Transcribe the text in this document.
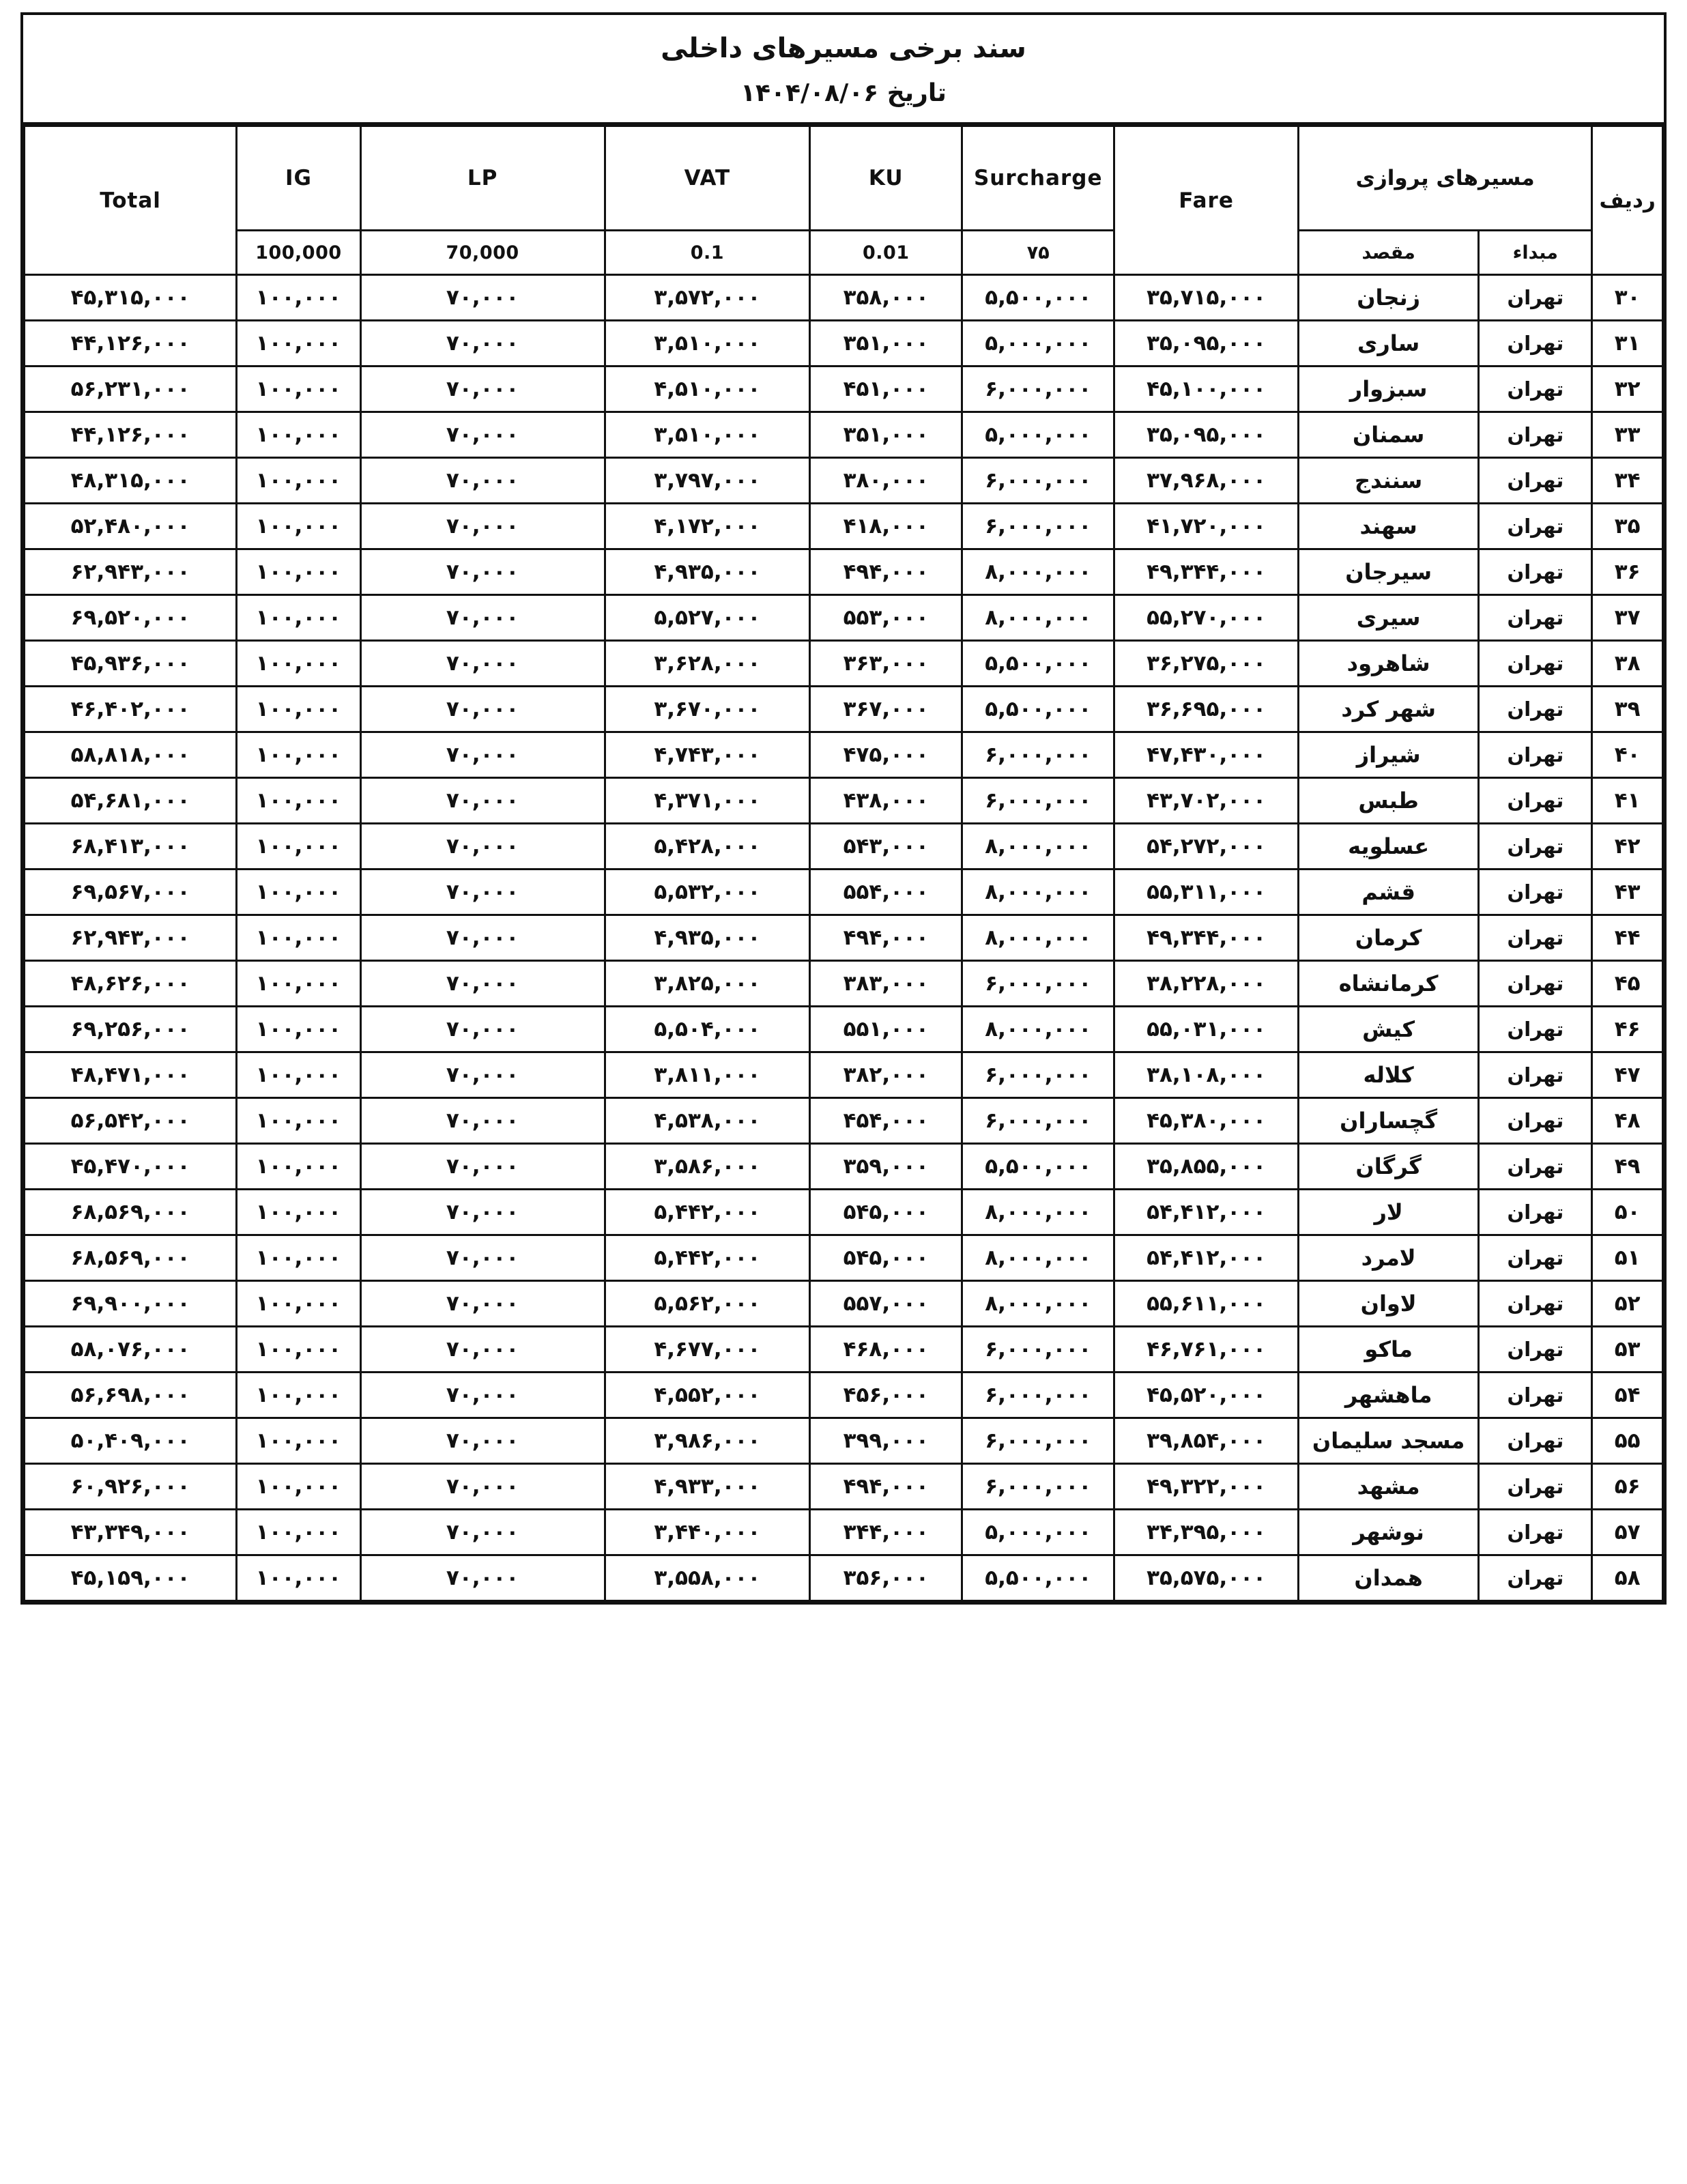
سند برخی مسیرهای داخلی
تاریخ ۱۴۰۴/۰۸/۰۶
ردیف	مسیرهای پروازی		Fare	Surcharge	KU	VAT	LP	IG	Total
	مبداء	مقصد		۷۵	0.01	0.1	70,000	100,000	
۳۰	تهران	زنجان	۳۵,۷۱۵,۰۰۰	۵,۵۰۰,۰۰۰	۳۵۸,۰۰۰	۳,۵۷۲,۰۰۰	۷۰,۰۰۰	۱۰۰,۰۰۰	۴۵,۳۱۵,۰۰۰
۳۱	تهران	ساری	۳۵,۰۹۵,۰۰۰	۵,۰۰۰,۰۰۰	۳۵۱,۰۰۰	۳,۵۱۰,۰۰۰	۷۰,۰۰۰	۱۰۰,۰۰۰	۴۴,۱۲۶,۰۰۰
۳۲	تهران	سبزوار	۴۵,۱۰۰,۰۰۰	۶,۰۰۰,۰۰۰	۴۵۱,۰۰۰	۴,۵۱۰,۰۰۰	۷۰,۰۰۰	۱۰۰,۰۰۰	۵۶,۲۳۱,۰۰۰
۳۳	تهران	سمنان	۳۵,۰۹۵,۰۰۰	۵,۰۰۰,۰۰۰	۳۵۱,۰۰۰	۳,۵۱۰,۰۰۰	۷۰,۰۰۰	۱۰۰,۰۰۰	۴۴,۱۲۶,۰۰۰
۳۴	تهران	سنندج	۳۷,۹۶۸,۰۰۰	۶,۰۰۰,۰۰۰	۳۸۰,۰۰۰	۳,۷۹۷,۰۰۰	۷۰,۰۰۰	۱۰۰,۰۰۰	۴۸,۳۱۵,۰۰۰
۳۵	تهران	سهند	۴۱,۷۲۰,۰۰۰	۶,۰۰۰,۰۰۰	۴۱۸,۰۰۰	۴,۱۷۲,۰۰۰	۷۰,۰۰۰	۱۰۰,۰۰۰	۵۲,۴۸۰,۰۰۰
۳۶	تهران	سیرجان	۴۹,۳۴۴,۰۰۰	۸,۰۰۰,۰۰۰	۴۹۴,۰۰۰	۴,۹۳۵,۰۰۰	۷۰,۰۰۰	۱۰۰,۰۰۰	۶۲,۹۴۳,۰۰۰
۳۷	تهران	سیری	۵۵,۲۷۰,۰۰۰	۸,۰۰۰,۰۰۰	۵۵۳,۰۰۰	۵,۵۲۷,۰۰۰	۷۰,۰۰۰	۱۰۰,۰۰۰	۶۹,۵۲۰,۰۰۰
۳۸	تهران	شاهرود	۳۶,۲۷۵,۰۰۰	۵,۵۰۰,۰۰۰	۳۶۳,۰۰۰	۳,۶۲۸,۰۰۰	۷۰,۰۰۰	۱۰۰,۰۰۰	۴۵,۹۳۶,۰۰۰
۳۹	تهران	شهر کرد	۳۶,۶۹۵,۰۰۰	۵,۵۰۰,۰۰۰	۳۶۷,۰۰۰	۳,۶۷۰,۰۰۰	۷۰,۰۰۰	۱۰۰,۰۰۰	۴۶,۴۰۲,۰۰۰
۴۰	تهران	شیراز	۴۷,۴۳۰,۰۰۰	۶,۰۰۰,۰۰۰	۴۷۵,۰۰۰	۴,۷۴۳,۰۰۰	۷۰,۰۰۰	۱۰۰,۰۰۰	۵۸,۸۱۸,۰۰۰
۴۱	تهران	طبس	۴۳,۷۰۲,۰۰۰	۶,۰۰۰,۰۰۰	۴۳۸,۰۰۰	۴,۳۷۱,۰۰۰	۷۰,۰۰۰	۱۰۰,۰۰۰	۵۴,۶۸۱,۰۰۰
۴۲	تهران	عسلویه	۵۴,۲۷۲,۰۰۰	۸,۰۰۰,۰۰۰	۵۴۳,۰۰۰	۵,۴۲۸,۰۰۰	۷۰,۰۰۰	۱۰۰,۰۰۰	۶۸,۴۱۳,۰۰۰
۴۳	تهران	قشم	۵۵,۳۱۱,۰۰۰	۸,۰۰۰,۰۰۰	۵۵۴,۰۰۰	۵,۵۳۲,۰۰۰	۷۰,۰۰۰	۱۰۰,۰۰۰	۶۹,۵۶۷,۰۰۰
۴۴	تهران	کرمان	۴۹,۳۴۴,۰۰۰	۸,۰۰۰,۰۰۰	۴۹۴,۰۰۰	۴,۹۳۵,۰۰۰	۷۰,۰۰۰	۱۰۰,۰۰۰	۶۲,۹۴۳,۰۰۰
۴۵	تهران	کرمانشاه	۳۸,۲۲۸,۰۰۰	۶,۰۰۰,۰۰۰	۳۸۳,۰۰۰	۳,۸۲۵,۰۰۰	۷۰,۰۰۰	۱۰۰,۰۰۰	۴۸,۶۲۶,۰۰۰
۴۶	تهران	کیش	۵۵,۰۳۱,۰۰۰	۸,۰۰۰,۰۰۰	۵۵۱,۰۰۰	۵,۵۰۴,۰۰۰	۷۰,۰۰۰	۱۰۰,۰۰۰	۶۹,۲۵۶,۰۰۰
۴۷	تهران	کلاله	۳۸,۱۰۸,۰۰۰	۶,۰۰۰,۰۰۰	۳۸۲,۰۰۰	۳,۸۱۱,۰۰۰	۷۰,۰۰۰	۱۰۰,۰۰۰	۴۸,۴۷۱,۰۰۰
۴۸	تهران	گچساران	۴۵,۳۸۰,۰۰۰	۶,۰۰۰,۰۰۰	۴۵۴,۰۰۰	۴,۵۳۸,۰۰۰	۷۰,۰۰۰	۱۰۰,۰۰۰	۵۶,۵۴۲,۰۰۰
۴۹	تهران	گرگان	۳۵,۸۵۵,۰۰۰	۵,۵۰۰,۰۰۰	۳۵۹,۰۰۰	۳,۵۸۶,۰۰۰	۷۰,۰۰۰	۱۰۰,۰۰۰	۴۵,۴۷۰,۰۰۰
۵۰	تهران	لار	۵۴,۴۱۲,۰۰۰	۸,۰۰۰,۰۰۰	۵۴۵,۰۰۰	۵,۴۴۲,۰۰۰	۷۰,۰۰۰	۱۰۰,۰۰۰	۶۸,۵۶۹,۰۰۰
۵۱	تهران	لامرد	۵۴,۴۱۲,۰۰۰	۸,۰۰۰,۰۰۰	۵۴۵,۰۰۰	۵,۴۴۲,۰۰۰	۷۰,۰۰۰	۱۰۰,۰۰۰	۶۸,۵۶۹,۰۰۰
۵۲	تهران	لاوان	۵۵,۶۱۱,۰۰۰	۸,۰۰۰,۰۰۰	۵۵۷,۰۰۰	۵,۵۶۲,۰۰۰	۷۰,۰۰۰	۱۰۰,۰۰۰	۶۹,۹۰۰,۰۰۰
۵۳	تهران	ماکو	۴۶,۷۶۱,۰۰۰	۶,۰۰۰,۰۰۰	۴۶۸,۰۰۰	۴,۶۷۷,۰۰۰	۷۰,۰۰۰	۱۰۰,۰۰۰	۵۸,۰۷۶,۰۰۰
۵۴	تهران	ماهشهر	۴۵,۵۲۰,۰۰۰	۶,۰۰۰,۰۰۰	۴۵۶,۰۰۰	۴,۵۵۲,۰۰۰	۷۰,۰۰۰	۱۰۰,۰۰۰	۵۶,۶۹۸,۰۰۰
۵۵	تهران	مسجد سلیمان	۳۹,۸۵۴,۰۰۰	۶,۰۰۰,۰۰۰	۳۹۹,۰۰۰	۳,۹۸۶,۰۰۰	۷۰,۰۰۰	۱۰۰,۰۰۰	۵۰,۴۰۹,۰۰۰
۵۶	تهران	مشهد	۴۹,۳۲۲,۰۰۰	۶,۰۰۰,۰۰۰	۴۹۴,۰۰۰	۴,۹۳۳,۰۰۰	۷۰,۰۰۰	۱۰۰,۰۰۰	۶۰,۹۲۶,۰۰۰
۵۷	تهران	نوشهر	۳۴,۳۹۵,۰۰۰	۵,۰۰۰,۰۰۰	۳۴۴,۰۰۰	۳,۴۴۰,۰۰۰	۷۰,۰۰۰	۱۰۰,۰۰۰	۴۳,۳۴۹,۰۰۰
۵۸	تهران	همدان	۳۵,۵۷۵,۰۰۰	۵,۵۰۰,۰۰۰	۳۵۶,۰۰۰	۳,۵۵۸,۰۰۰	۷۰,۰۰۰	۱۰۰,۰۰۰	۴۵,۱۵۹,۰۰۰
